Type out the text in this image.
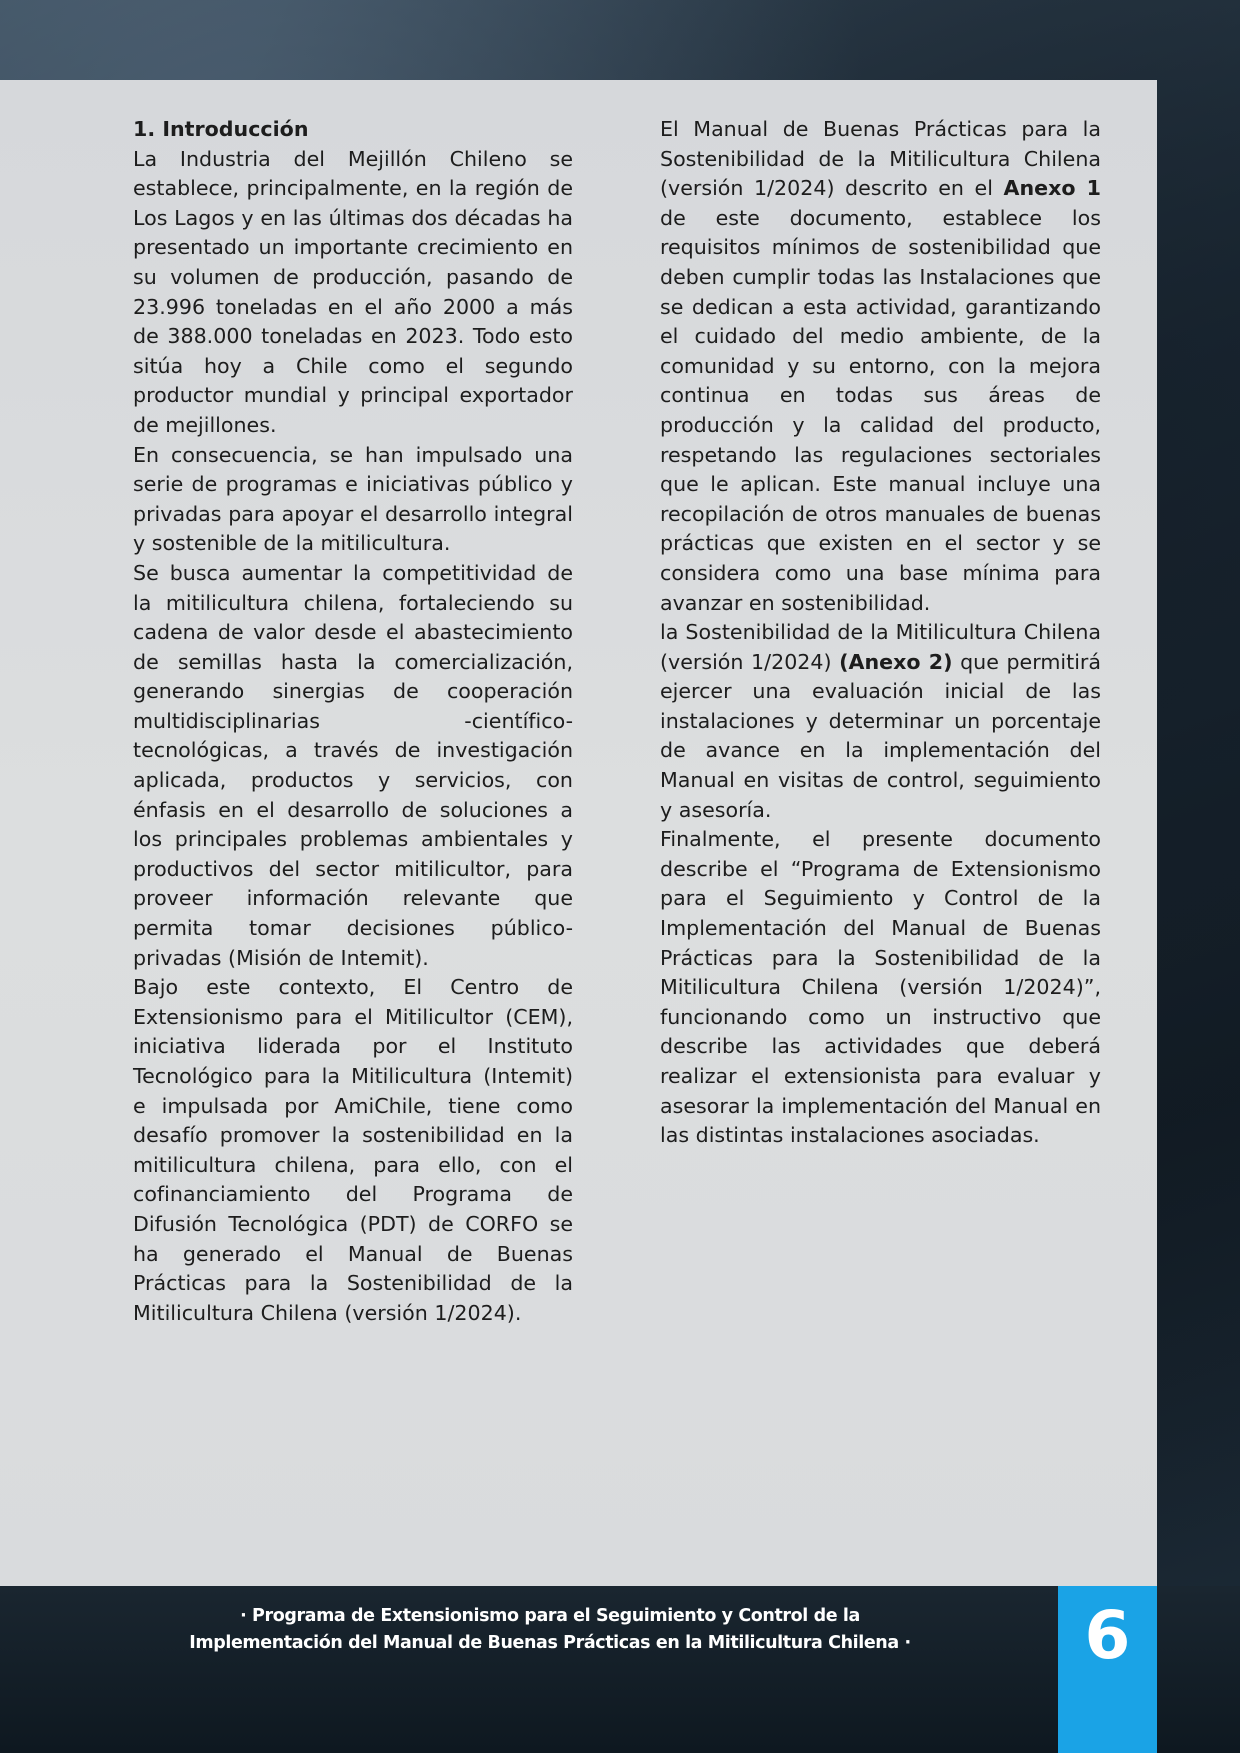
1. Introducción

La Industria del Mejillón Chileno se establece, principalmente, en la región de Los Lagos y en las últimas dos décadas ha presentado un importante crecimiento en su volumen de producción, pasando de 23.996 toneladas en el año 2000 a más de 388.000 toneladas en 2023. Todo esto sitúa hoy a Chile como el segundo productor mundial y principal exportador de mejillones.

En consecuencia, se han impulsado una serie de programas e iniciativas público y privadas para apoyar el desarrollo integral y sostenible de la mitilicultura.

Se busca aumentar la competitividad de la mitilicultura chilena, fortaleciendo su cadena de valor desde el abastecimiento de semillas hasta la comercialización, generando sinergias de cooperación multidisciplinarias -científico- tecnológicas, a través de investigación aplicada, productos y servicios, con énfasis en el desarrollo de soluciones a los principales problemas ambientales y productivos del sector mitilicultor, para proveer información relevante que permita tomar decisiones público-privadas (Misión de Intemit).

Bajo este contexto, El Centro de Extensionismo para el Mitilicultor (CEM), iniciativa liderada por el Instituto Tecnológico para la Mitilicultura (Intemit) e impulsada por AmiChile, tiene como desafío promover la sostenibilidad en la mitilicultura chilena, para ello, con el cofinanciamiento del Programa de Difusión Tecnológica (PDT) de CORFO se ha generado el Manual de Buenas Prácticas para la Sostenibilidad de la Mitilicultura Chilena (versión 1/2024).

El Manual de Buenas Prácticas para la Sostenibilidad de la Mitilicultura Chilena (versión 1/2024) descrito en el Anexo 1 de este documento, establece los requisitos mínimos de sostenibilidad que deben cumplir todas las Instalaciones que se dedican a esta actividad, garantizando el cuidado del medio ambiente, de la comunidad y su entorno, con la mejora continua en todas sus áreas de producción y la calidad del producto, respetando las regulaciones sectoriales que le aplican. Este manual incluye una recopilación de otros manuales de buenas prácticas que existen en el sector y se considera como una base mínima para avanzar en sostenibilidad.

la Sostenibilidad de la Mitilicultura Chilena (versión 1/2024) (Anexo 2) que permitirá ejercer una evaluación inicial de las instalaciones y determinar un porcentaje de avance en la implementación del Manual en visitas de control, seguimiento y asesoría.

Finalmente, el presente documento describe el “Programa de Extensionismo para el Seguimiento y Control de la Implementación del Manual de Buenas Prácticas para la Sostenibilidad de la Mitilicultura Chilena (versión 1/2024)”, funcionando como un instructivo que describe las actividades que deberá realizar el extensionista para evaluar y asesorar la implementación del Manual en las distintas instalaciones asociadas.

· Programa de Extensionismo para el Seguimiento y Control de la
Implementación del Manual de Buenas Prácticas en la Mitilicultura Chilena ·	6
